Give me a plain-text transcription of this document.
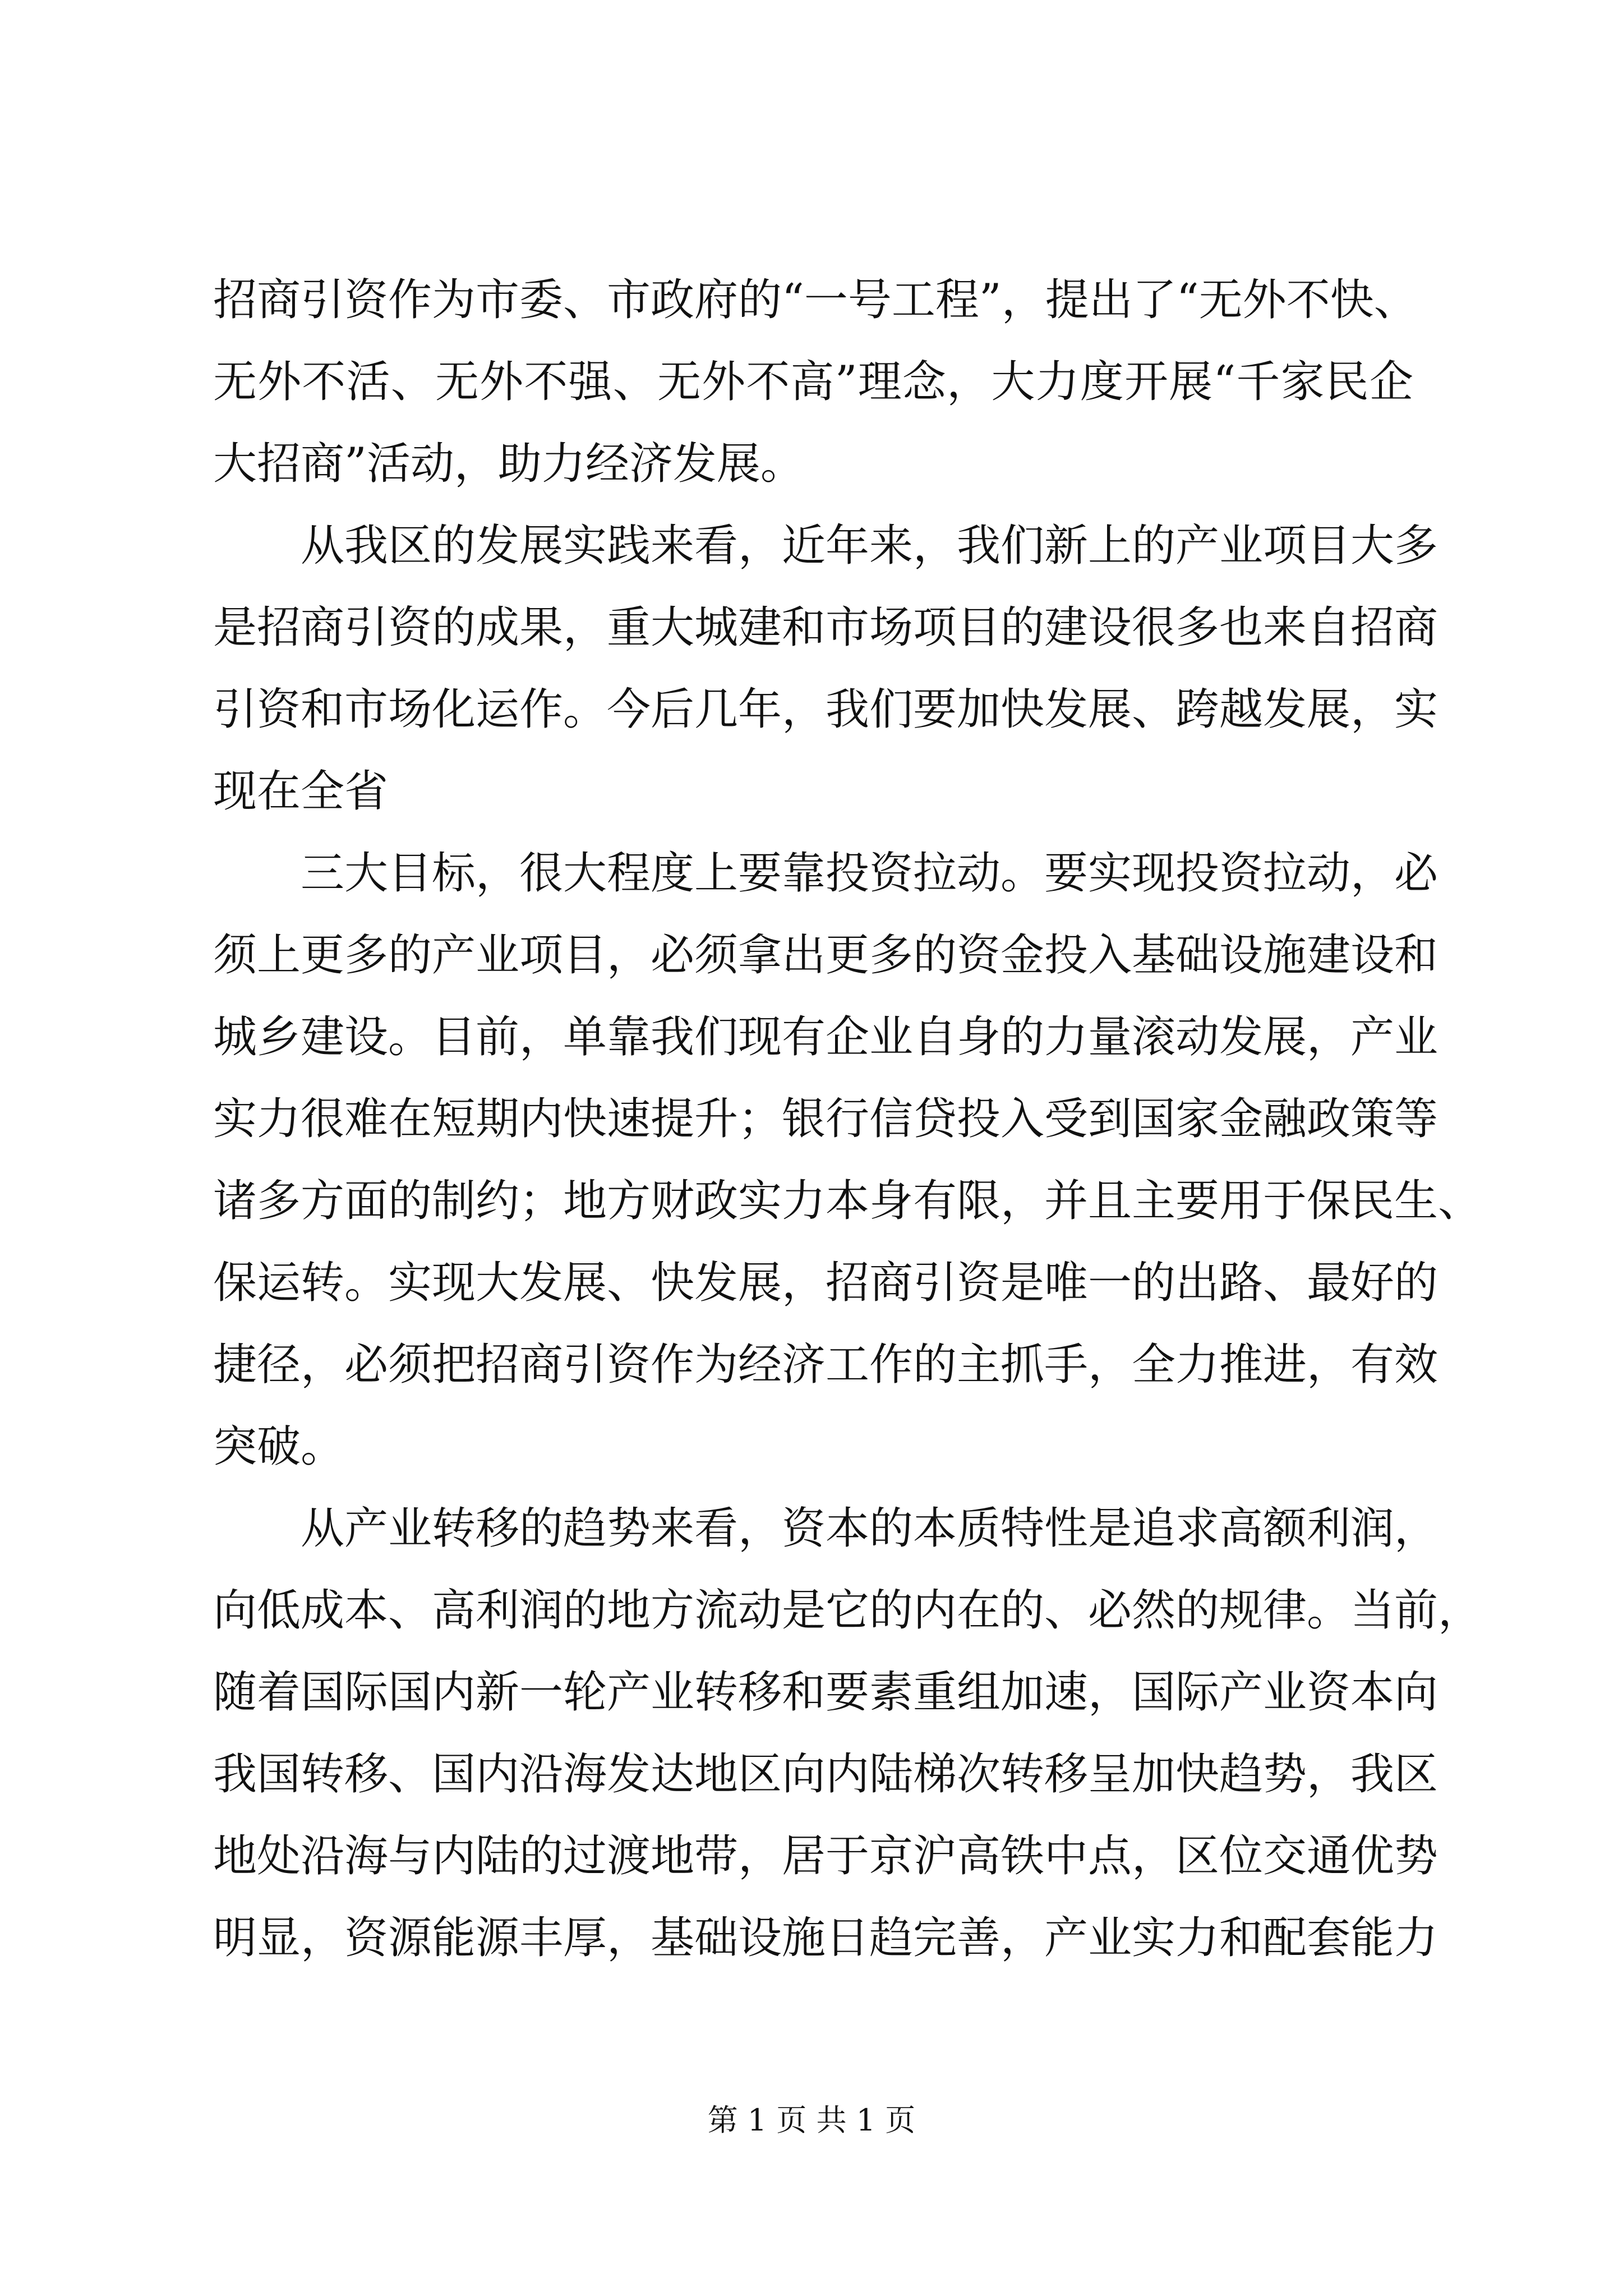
招商引资作为市委、市政府的“一号工程”，提出了“无外不快、
无外不活、无外不强、无外不高”理念，大力度开展“千家民企
大招商”活动，助力经济发展。
从我区的发展实践来看，近年来，我们新上的产业项目大多
是招商引资的成果，重大城建和市场项目的建设很多也来自招商
引资和市场化运作。今后几年，我们要加快发展、跨越发展，实
现在全省
三大目标，很大程度上要靠投资拉动。要实现投资拉动，必
须上更多的产业项目，必须拿出更多的资金投入基础设施建设和
城乡建设。目前，单靠我们现有企业自身的力量滚动发展，产业
实力很难在短期内快速提升；银行信贷投入受到国家金融政策等
诸多方面的制约；地方财政实力本身有限，并且主要用于保民生、
保运转。实现大发展、快发展，招商引资是唯一的出路、最好的
捷径，必须把招商引资作为经济工作的主抓手，全力推进，有效
突破。
从产业转移的趋势来看，资本的本质特性是追求高额利润，
向低成本、高利润的地方流动是它的内在的、必然的规律。当前，
随着国际国内新一轮产业转移和要素重组加速，国际产业资本向
我国转移、国内沿海发达地区向内陆梯次转移呈加快趋势，我区
地处沿海与内陆的过渡地带，居于京沪高铁中点，区位交通优势
明显，资源能源丰厚，基础设施日趋完善，产业实力和配套能力
第 1 页 共 1 页
